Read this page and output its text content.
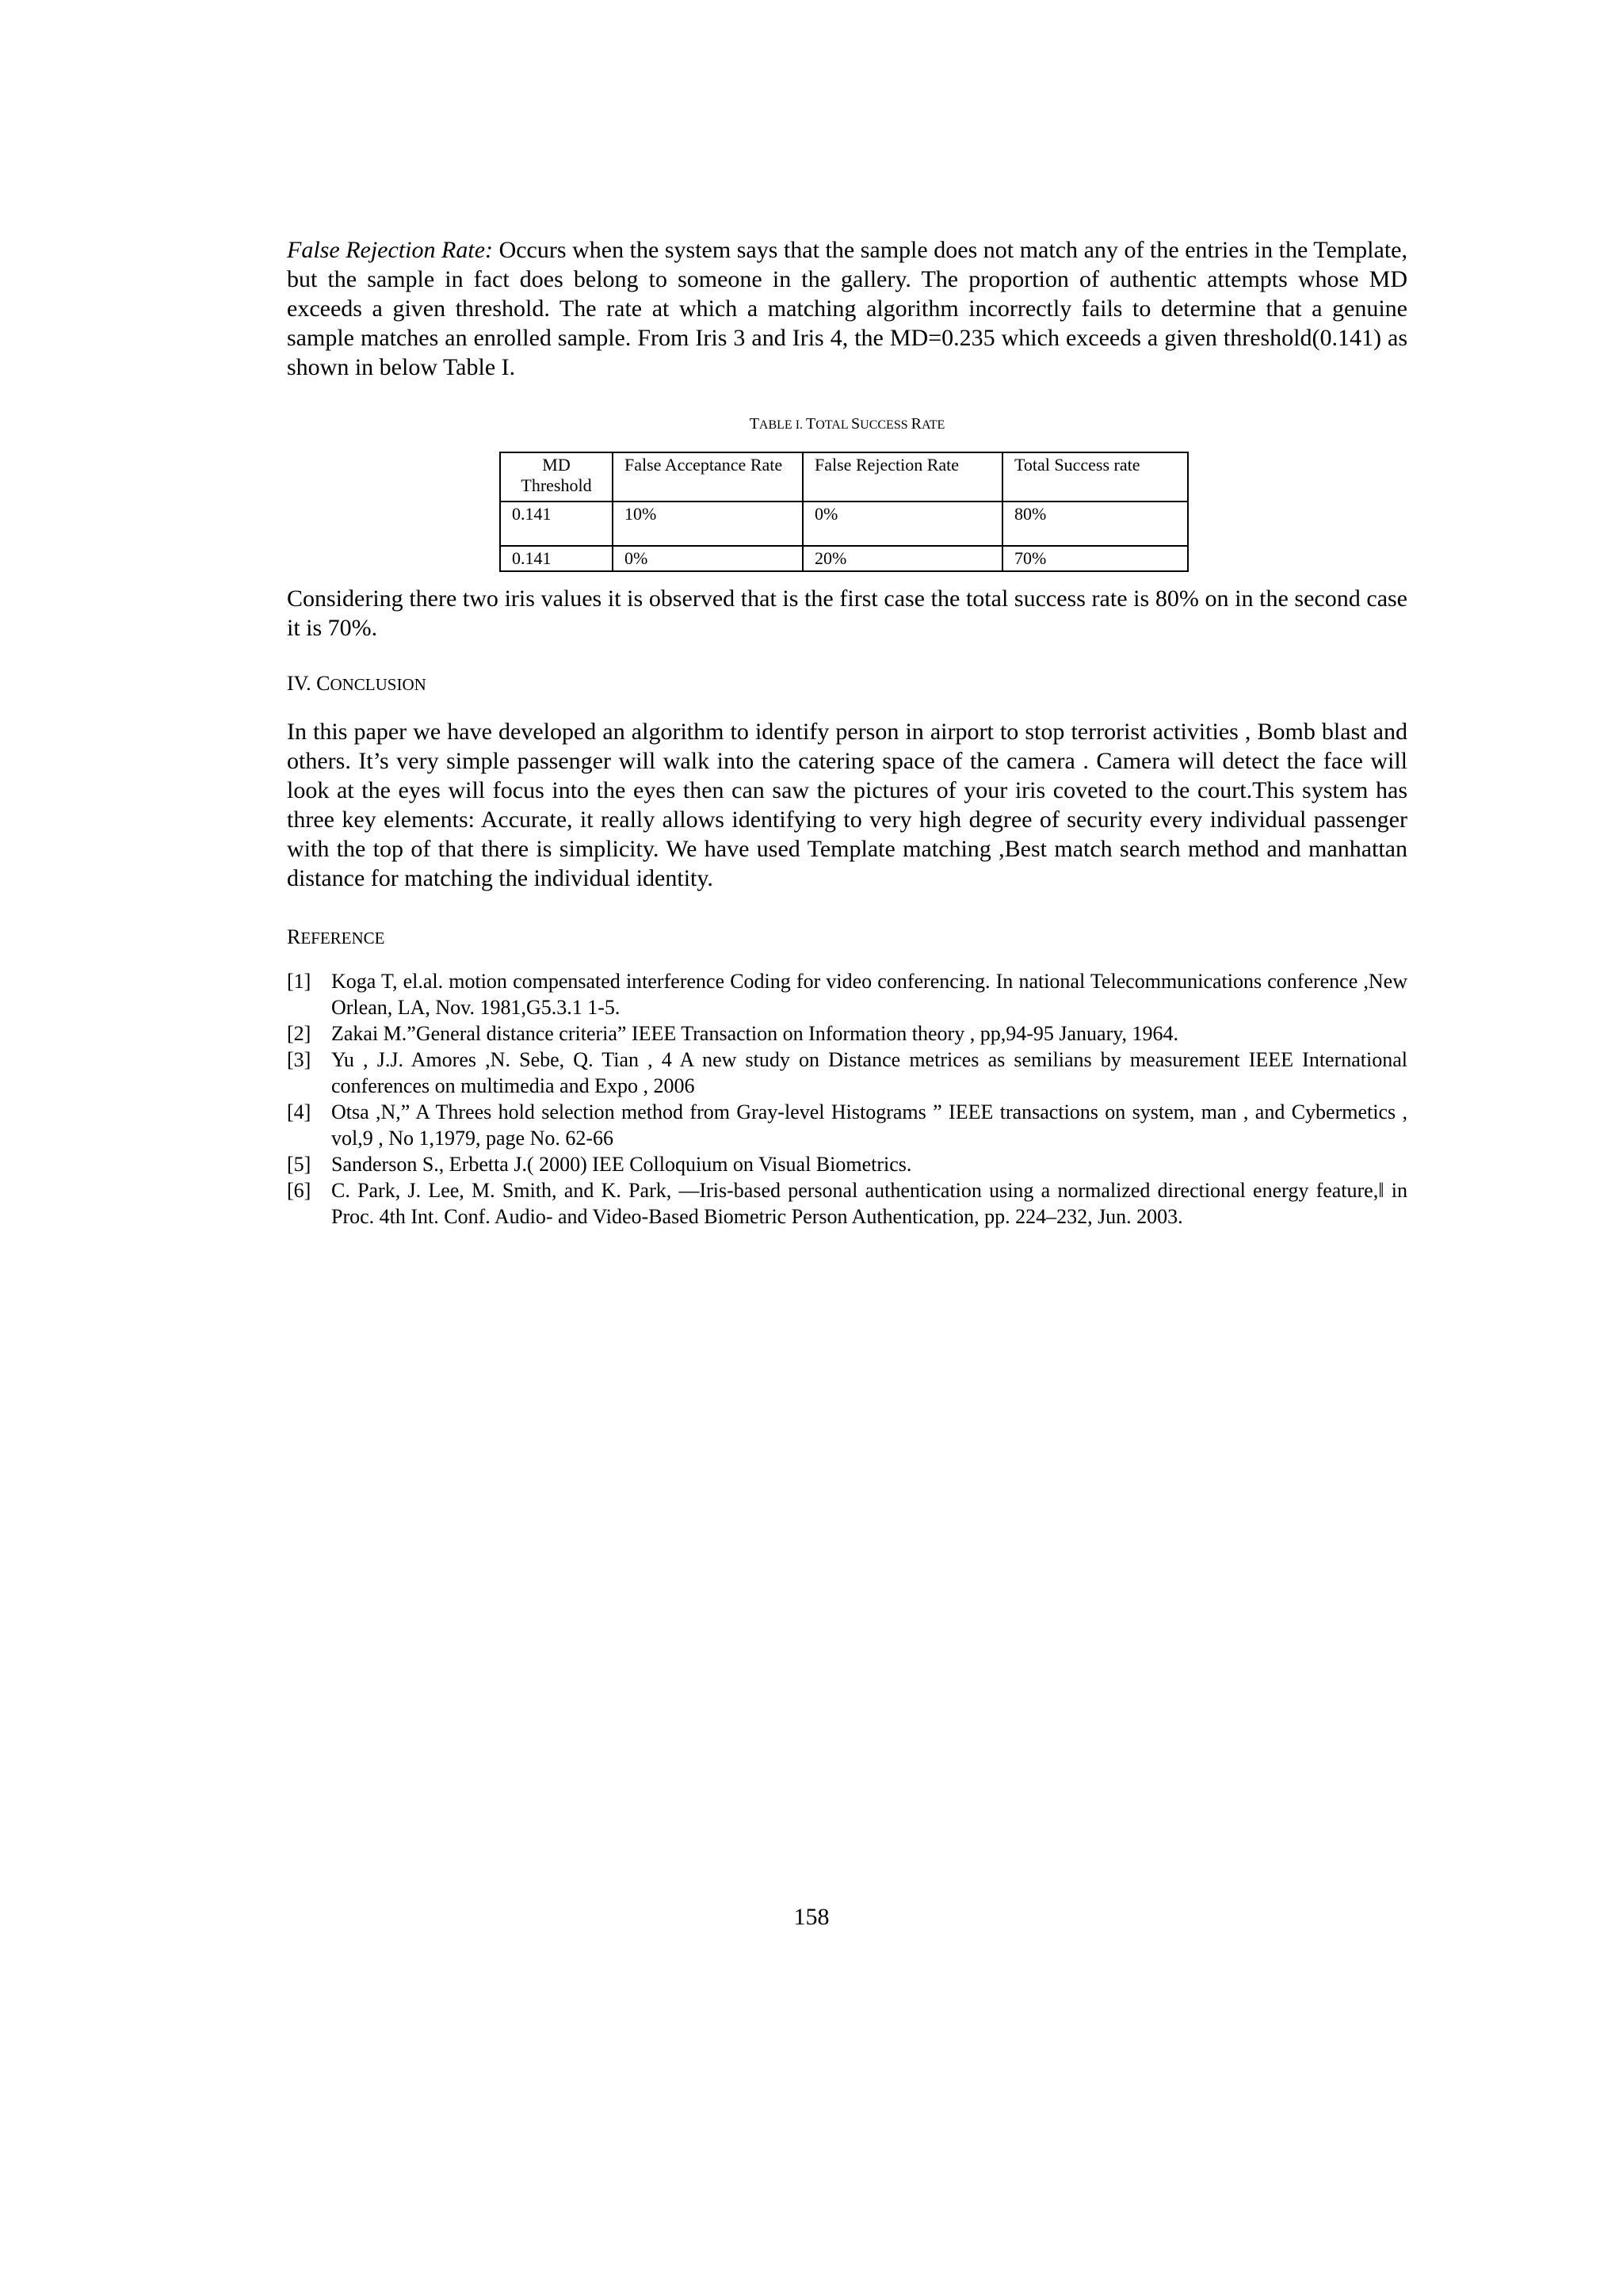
False Rejection Rate: Occurs when the system says that the sample does not match any of the entries in the Template, but the sample in fact does belong to someone in the gallery. The proportion of authentic attempts whose MD exceeds a given threshold. The rate at which a matching algorithm incorrectly fails to determine that a genuine sample matches an enrolled sample. From Iris 3 and Iris 4, the MD=0.235 which exceeds a given threshold(0.141) as shown in below Table I.

TABLE I. TOTAL SUCCESS RATE

MD Threshold	False Acceptance Rate	False Rejection Rate	Total Success rate
0.141	10%	0%	80%
0.141	0%	20%	70%

Considering there two iris values it is observed that is the first case the total success rate is 80% on in the second case it is 70%.

IV. CONCLUSION

In this paper we have developed an algorithm to identify person in airport to stop terrorist activities , Bomb blast and others. It’s very simple passenger will walk into the catering space of the camera . Camera will detect the face will look at the eyes will focus into the eyes then can saw the pictures of your iris coveted to the court.This system has three key elements: Accurate, it really allows identifying to very high degree of security every individual passenger with the top of that there is simplicity. We have used Template matching ,Best match search method and manhattan distance for matching the individual identity.

REFERENCE

[1] Koga T, el.al. motion compensated interference Coding for video conferencing. In national Telecommunications conference ,New Orlean, LA, Nov. 1981,G5.3.1 1-5.
[2] Zakai M.”General distance criteria” IEEE Transaction on Information theory , pp,94-95 January, 1964.
[3] Yu , J.J. Amores ,N. Sebe, Q. Tian , 4 A new study on Distance metrices as semilians by measurement IEEE International conferences on multimedia and Expo , 2006
[4] Otsa ,N,” A Threes hold selection method from Gray-level Histograms ” IEEE transactions on system, man , and Cybermetics , vol,9 , No 1,1979, page No. 62-66
[5] Sanderson S., Erbetta J.( 2000) IEE Colloquium on Visual Biometrics.
[6] C. Park, J. Lee, M. Smith, and K. Park, ―Iris-based personal authentication using a normalized directional energy feature,‖ in Proc. 4th Int. Conf. Audio- and Video-Based Biometric Person Authentication, pp. 224–232, Jun. 2003.

158
